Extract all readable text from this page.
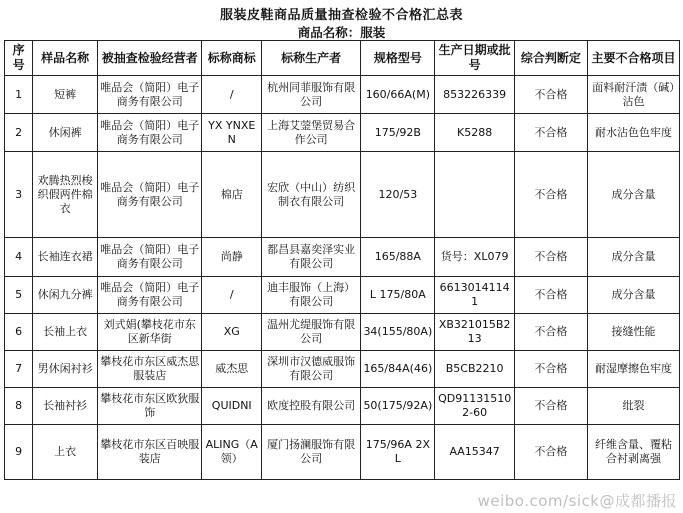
服装皮鞋商品质量抽查检验不合格汇总表
商品名称：服装
序号	样品名称	被抽查检验经营者	标称商标	标称生产者	规格型号	生产日期或批号	综合判断定	主要不合格项目
1	短裤	唯品会（简阳）电子商务有限公司	/	杭州同菲服饰有限公司	160/66A(M)	853226339	不合格	面料耐汗渍（碱）沾色
2	休闲裤	唯品会（简阳）电子商务有限公司	YX YNXEN	上海艾蓥堡贸易合作公司	175/92B	K5288	不合格	耐水沾色色牢度
3	欢腾热烈梭织假两件棉衣	唯品会（简阳）电子商务有限公司	棉店	宏欣（中山）纺织制衣有限公司	120/53		不合格	成分含量
4	长袖连衣裙	唯品会（简阳）电子商务有限公司	尚静	都昌县嘉奕泽实业有限公司	165/88A	货号：XL079	不合格	成分含量
5	休闲九分裤	唯品会（简阳）电子商务有限公司	/	迪丰服饰（上海）有限公司	L 175/80A	66130141141	不合格	成分含量
6	长袖上衣	刘式娟(攀枝花市东区新华街	XG	温州尤缇服饰有限公司	34(155/80A)	XB321015B213	不合格	接缝性能
7	男休闲衬衫	攀枝花市东区威杰思服装店	威杰思	深圳市汉德威服饰有限公司	165/84A(46)	B5CB2210	不合格	耐湿摩擦色牢度
8	长袖衬衫	攀枝花市东区欧狄服饰	QUIDNI	欧度控股有限公司	50(175/92A)	QD911315102-60	不合格	纰裂
9	上衣	攀枝花市东区百映服装店	ALING（A领）	厦门扬澜服饰有限公司	175/96A 2XL	AA15347	不合格	纤维含量、覆粘合衬剥离强
weibo.com/sick@成都播报
